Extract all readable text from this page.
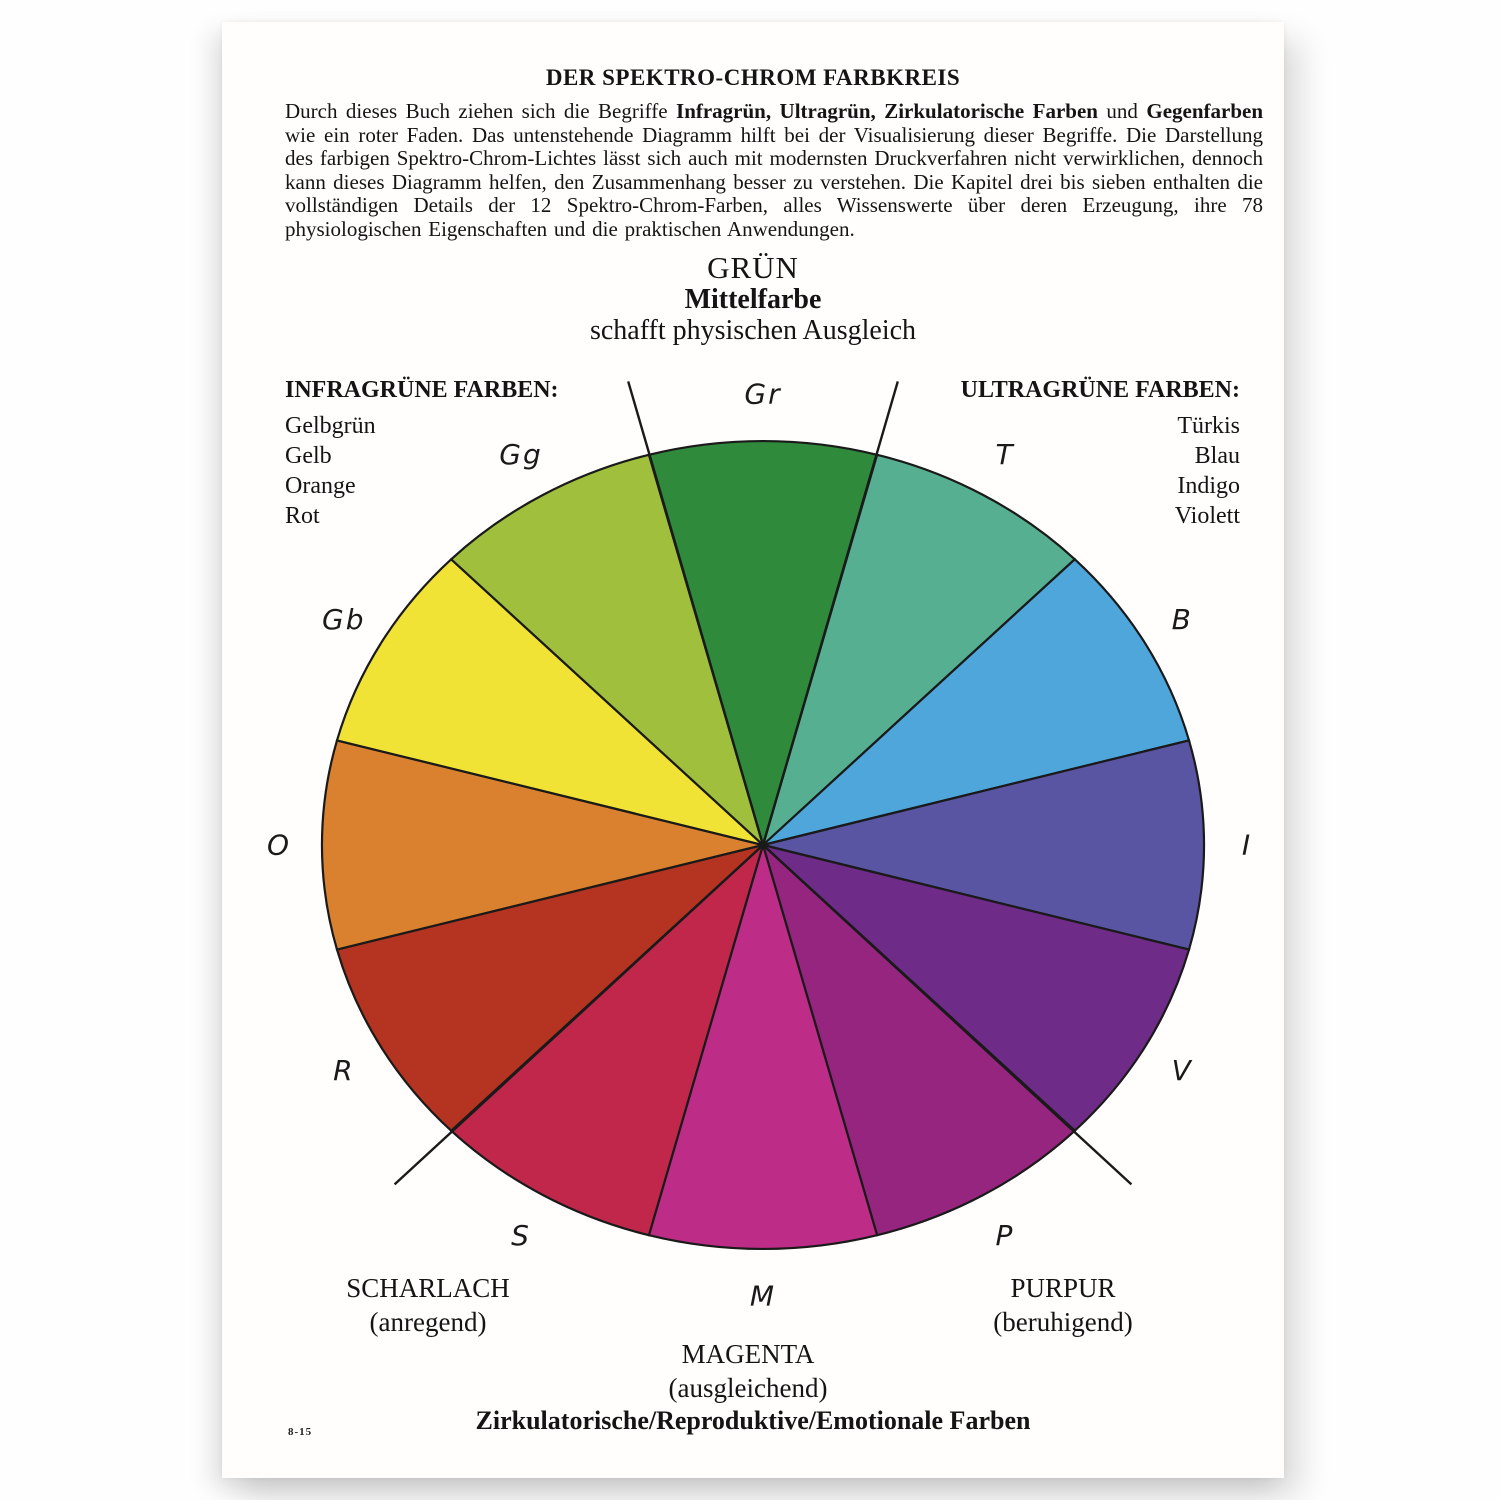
DER SPEKTRO-CHROM FARBKREIS
Durch dieses Buch ziehen sich die Begriffe Infragrün, Ultragrün, Zirkulatorische Farben und Gegenfarben wie ein roter Faden. Das untenstehende Diagramm hilft bei der Visualisierung dieser Begriffe. Die Darstellung des farbigen Spektro-Chrom-Lichtes lässt sich auch mit modernsten Druckverfahren nicht verwirklichen, dennoch kann dieses Diagramm helfen, den Zusammenhang besser zu verstehen. Die Kapitel drei bis sieben enthalten die vollständigen Details der 12 Spektro-Chrom-Farben, alles Wissenswerte über deren Erzeugung, ihre 78 physiologischen Eigenschaften und die praktischen Anwendungen.
GRÜN
Mittelfarbe
schafft physischen Ausgleich
INFRAGRÜNE FARBEN:
Gelbgrün
Gelb
Orange
Rot
ULTRAGRÜNE FARBEN:
Türkis
Blau
Indigo
Violett
Gr
T
B
I
V
P
M
S
R
O
Gb
Gg
SCHARLACH
(anregend)
PURPUR
(beruhigend)
MAGENTA
(ausgleichend)
Zirkulatorische/Reproduktive/Emotionale Farben
8-15
